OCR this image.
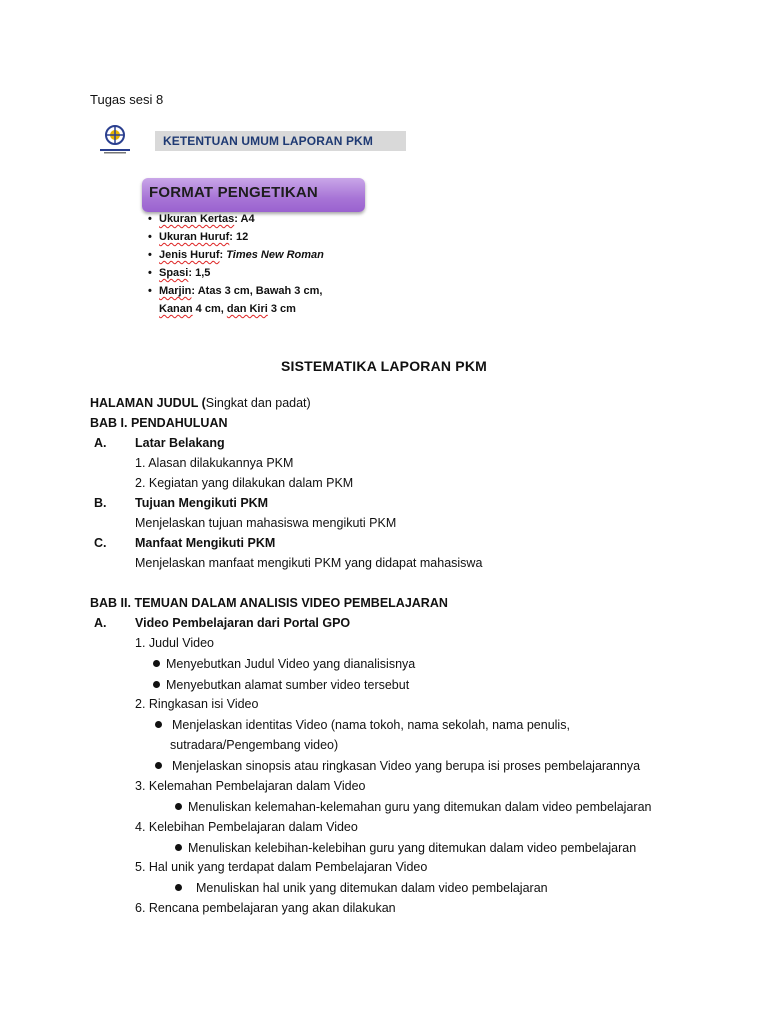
Tugas sesi 8
KETENTUAN UMUM LAPORAN PKM
FORMAT PENGETIKAN
• Ukuran Kertas: A4
• Ukuran Huruf: 12
• Jenis Huruf: Times New Roman
• Spasi: 1,5
• Marjin: Atas 3 cm, Bawah 3 cm,
Kanan 4 cm, dan Kiri 3 cm
SISTEMATIKA LAPORAN PKM
HALAMAN JUDUL (Singkat dan padat)
BAB I. PENDAHULUAN
A. Latar Belakang
1. Alasan dilakukannya PKM
2. Kegiatan yang dilakukan dalam PKM
B. Tujuan Mengikuti PKM
Menjelaskan tujuan mahasiswa mengikuti PKM
C. Manfaat Mengikuti PKM
Menjelaskan manfaat mengikuti PKM yang didapat mahasiswa
BAB II. TEMUAN DALAM ANALISIS VIDEO PEMBELAJARAN
A. Video Pembelajaran dari Portal GPO
1. Judul Video
Menyebutkan Judul Video yang dianalisisnya
Menyebutkan alamat sumber video tersebut
2. Ringkasan isi Video
Menjelaskan identitas Video (nama tokoh, nama sekolah, nama penulis,
sutradara/Pengembang video)
Menjelaskan sinopsis atau ringkasan Video yang berupa isi proses pembelajarannya
3. Kelemahan Pembelajaran dalam Video
Menuliskan kelemahan-kelemahan guru yang ditemukan dalam video pembelajaran
4. Kelebihan Pembelajaran dalam Video
Menuliskan kelebihan-kelebihan guru yang ditemukan dalam video pembelajaran
5. Hal unik yang terdapat dalam Pembelajaran Video
Menuliskan hal unik yang ditemukan dalam video pembelajaran
6. Rencana pembelajaran yang akan dilakukan
